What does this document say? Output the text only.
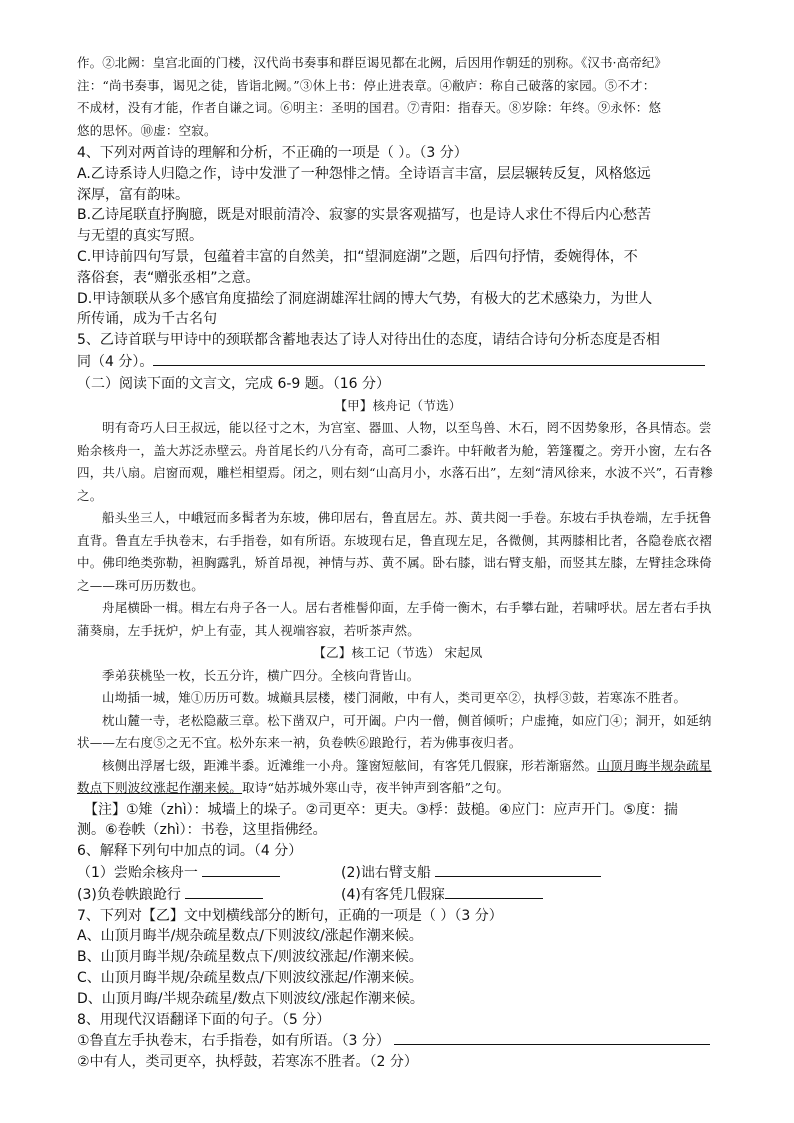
作。②北阙：皇宫北面的门楼，汉代尚书奏事和群臣谒见都在北阙，后因用作朝廷的别称。《汉书·高帝纪》

注：“尚书奏事，谒见之徒，皆诣北阙。”③休上书：停止进表章。④敝庐：称自己破落的家园。⑤不才：

不成材，没有才能，作者自谦之词。⑥明主：圣明的国君。⑦青阳：指春天。⑧岁除：年终。⑨永怀：悠

悠的思怀。⑩虚：空寂。

4、下列对两首诗的理解和分析，不正确的一项是（ ）。（3 分）

A.乙诗系诗人归隐之作，诗中发泄了一种怨悱之情。全诗语言丰富，层层辗转反复，风格悠远

深厚，富有韵味。

B.乙诗尾联直抒胸臆，既是对眼前清冷、寂寥的实景客观描写，也是诗人求仕不得后内心愁苦

与无望的真实写照。

C.甲诗前四句写景，包蕴着丰富的自然美，扣“望洞庭湖”之题，后四句抒情，委婉得体，不

落俗套，表“赠张丞相”之意。

D.甲诗颔联从多个感官角度描绘了洞庭湖雄浑壮阔的博大气势，有极大的艺术感染力，为世人

所传诵，成为千古名句

5、乙诗首联与甲诗中的颈联都含蓄地表达了诗人对待出仕的态度，请结合诗句分析态度是否相

同（4 分）。

（二）阅读下面的文言文，完成 6-9 题。（16 分）

【甲】核舟记（节选）

明有奇巧人曰王叔远，能以径寸之木，为宫室、器皿、人物，以至鸟兽、木石，罔不因势象形，各具情态。尝贻余核舟一，盖大苏泛赤壁云。舟首尾长约八分有奇，高可二黍许。中轩敞者为舱，箬篷覆之。旁开小窗，左右各四，共八扇。启窗而观，雕栏相望焉。闭之，则右刻“山高月小，水落石出”，左刻“清风徐来，水波不兴”，石青糁之。

船头坐三人，中峨冠而多髯者为东坡，佛印居右，鲁直居左。苏、黄共阅一手卷。东坡右手执卷端，左手抚鲁直背。鲁直左手执卷末，右手指卷，如有所语。东坡现右足，鲁直现左足，各微侧，其两膝相比者，各隐卷底衣褶中。佛印绝类弥勒，袒胸露乳，矫首昂视，神情与苏、黄不属。卧右膝，诎右臂支船，而竖其左膝，左臂挂念珠倚之——珠可历历数也。

舟尾横卧一楫。楫左右舟子各一人。居右者椎髻仰面，左手倚一衡木，右手攀右趾，若啸呼状。居左者右手执蒲葵扇，左手抚炉，炉上有壶，其人视端容寂，若听茶声然。

【乙】核工记（节选） 宋起凤

季弟获桃坠一枚，长五分许，横广四分。全核向背皆山。

山坳插一城，雉①历历可数。城巅具层楼，楼门洞敞，中有人，类司更卒②，执桴③鼓，若寒冻不胜者。

枕山麓一寺，老松隐蔽三章。松下凿双户，可开阖。户内一僧，侧首倾听；户虚掩，如应门④；洞开，如延纳状——左右度⑤之无不宜。松外东来一衲，负卷帙⑥踉跄行，若为佛事夜归者。

核侧出浮屠七级，距滩半黍。近滩维一小舟。篷窗短舷间，有客凭几假寐，形若渐寤然。山顶月晦半规杂疏星数点下则波纹涨起作潮来候。取诗“姑苏城外寒山寺，夜半钟声到客船”之句。

【注】①雉（zhì）：城墙上的垛子。②司更卒：更夫。③桴：鼓槌。④应门：应声开门。⑤度：揣

测。⑥卷帙（zhì）：书卷，这里指佛经。

6、解释下列句中加点的词。（4 分）

（1）尝贻余核舟一	(2)诎右臂支船
(3)负卷帙踉跄行	(4)有客凭几假寐

7、下列对【乙】文中划横线部分的断句，正确的一项是（ ）（3 分）

A、山顶月晦半/规杂疏星数点/下则波纹/涨起作潮来候。

B、山顶月晦半规/杂疏星数点下/则波纹涨起/作潮来候。

C、山顶月晦半规/杂疏星数点/下则波纹涨起/作潮来候。

D、山顶月晦/半规杂疏星/数点下则波纹/涨起作潮来候。

8、用现代汉语翻译下面的句子。（5 分）

①鲁直左手执卷末，右手指卷，如有所语。（3 分）

②中有人，类司更卒，执桴鼓，若寒冻不胜者。（2 分）
